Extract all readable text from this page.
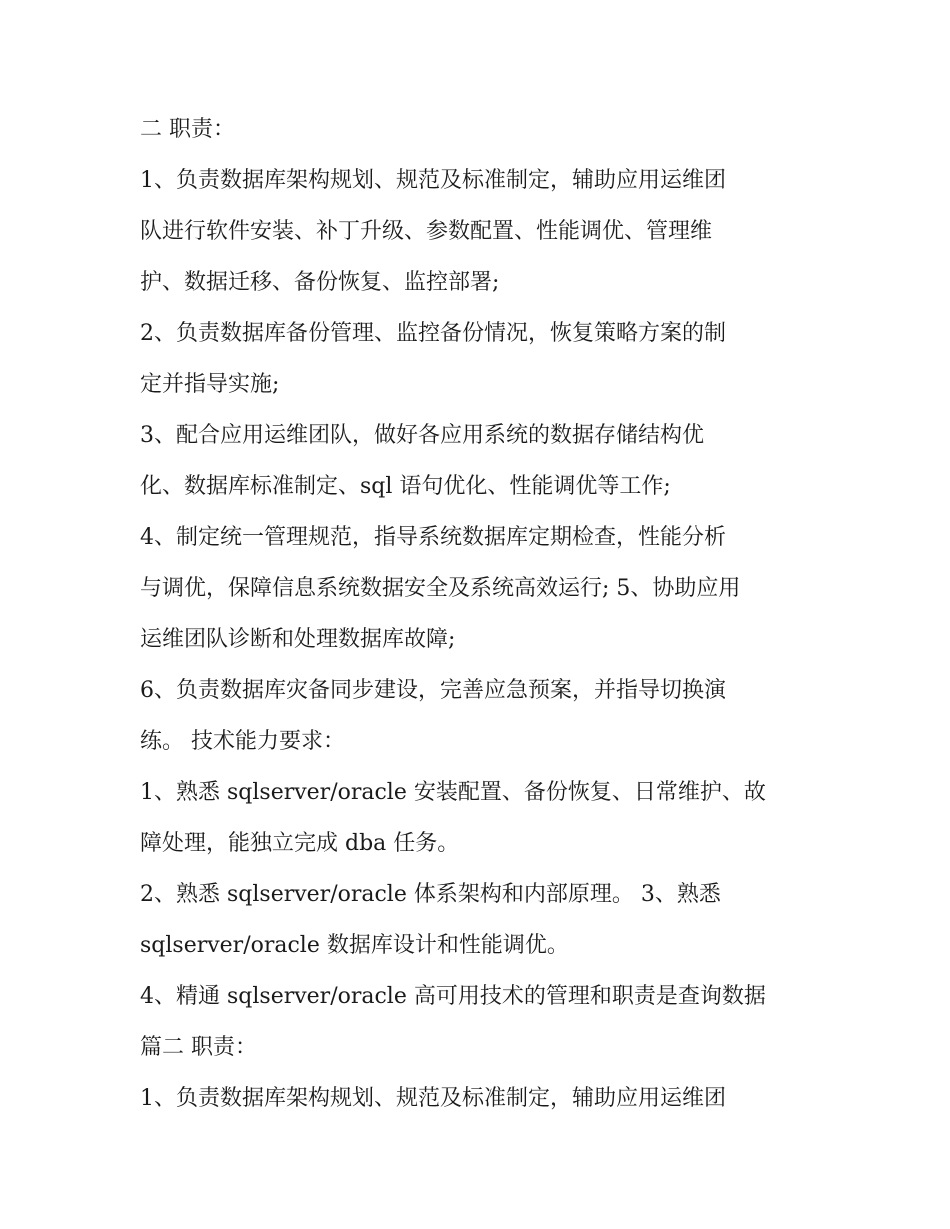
二 职责：
1、负责数据库架构规划、规范及标准制定，辅助应用运维团
队进行软件安装、补丁升级、参数配置、性能调优、管理维
护、数据迁移、备份恢复、监控部署;
2、负责数据库备份管理、监控备份情况，恢复策略方案的制
定并指导实施;
3、配合应用运维团队，做好各应用系统的数据存储结构优
化、数据库标准制定、sql 语句优化、性能调优等工作;
4、制定统一管理规范，指导系统数据库定期检查，性能分析
与调优，保障信息系统数据安全及系统高效运行; 5、协助应用
运维团队诊断和处理数据库故障;
6、负责数据库灾备同步建设，完善应急预案，并指导切换演
练。 技术能力要求：
1、熟悉 sqlserver/oracle 安装配置、备份恢复、日常维护、故
障处理，能独立完成 dba 任务。
2、熟悉 sqlserver/oracle 体系架构和内部原理。 3、熟悉
sqlserver/oracle 数据库设计和性能调优。
4、精通 sqlserver/oracle 高可用技术的管理和职责是查询数据
篇二 职责：
1、负责数据库架构规划、规范及标准制定，辅助应用运维团
